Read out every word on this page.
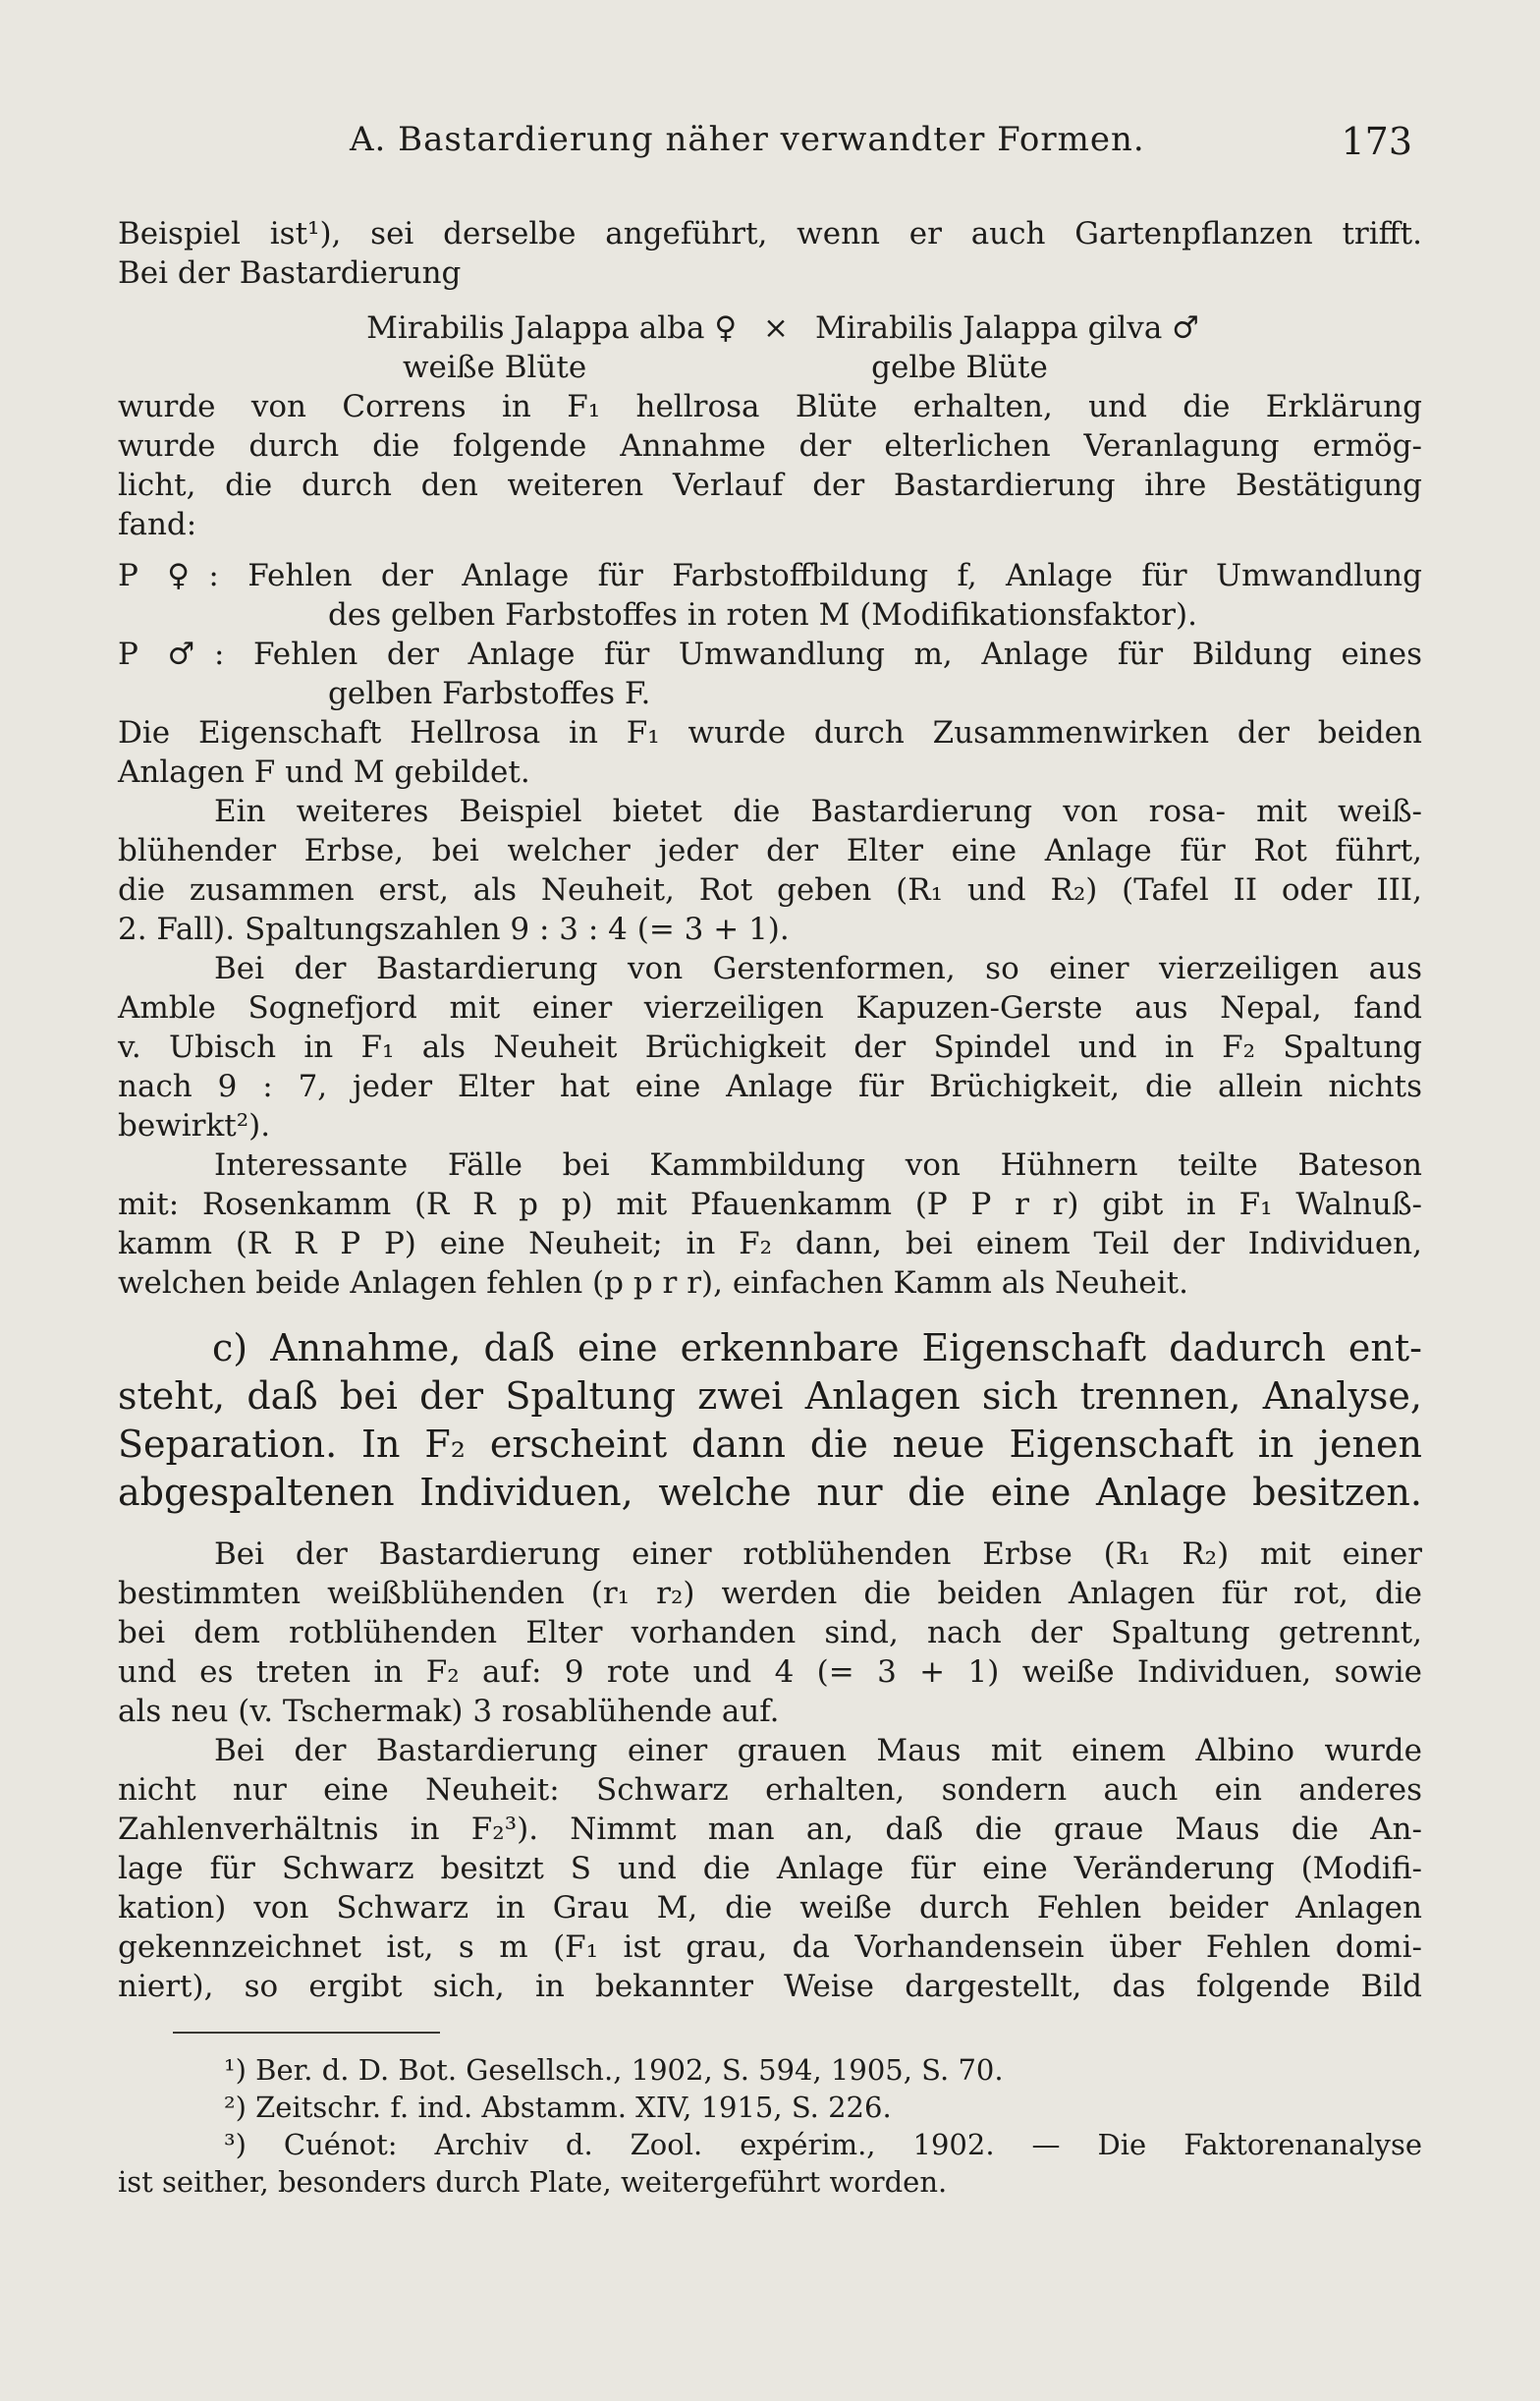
A. Bastardierung näher verwandter Formen.	173
Beispiel ist¹), sei derselbe angeführt, wenn er auch Gartenpflanzen trifft.
Bei der Bastardierung
Mirabilis Jalappa alba ♀ × Mirabilis Jalappa gilva ♂
weiße Blüte	gelbe Blüte
wurde von Correns in F₁ hellrosa Blüte erhalten, und die Erklärung
wurde durch die folgende Annahme der elterlichen Veranlagung ermög-
licht, die durch den weiteren Verlauf der Bastardierung ihre Bestätigung
fand:
P ♀: Fehlen der Anlage für Farbstoffbildung f, Anlage für Umwandlung
des gelben Farbstoffes in roten M (Modifikationsfaktor).
P ♂: Fehlen der Anlage für Umwandlung m, Anlage für Bildung eines
gelben Farbstoffes F.
Die Eigenschaft Hellrosa in F₁ wurde durch Zusammenwirken der beiden
Anlagen F und M gebildet.
Ein weiteres Beispiel bietet die Bastardierung von rosa- mit weiß-
blühender Erbse, bei welcher jeder der Elter eine Anlage für Rot führt,
die zusammen erst, als Neuheit, Rot geben (R₁ und R₂) (Tafel II oder III,
2. Fall). Spaltungszahlen 9 : 3 : 4 (= 3 + 1).
Bei der Bastardierung von Gerstenformen, so einer vierzeiligen aus
Amble Sognefjord mit einer vierzeiligen Kapuzen-Gerste aus Nepal, fand
v. Ubisch in F₁ als Neuheit Brüchigkeit der Spindel und in F₂ Spaltung
nach 9 : 7, jeder Elter hat eine Anlage für Brüchigkeit, die allein nichts
bewirkt²).
Interessante Fälle bei Kammbildung von Hühnern teilte Bateson
mit: Rosenkamm (R R p p) mit Pfauenkamm (P P r r) gibt in F₁ Walnuß-
kamm (R R P P) eine Neuheit; in F₂ dann, bei einem Teil der Individuen,
welchen beide Anlagen fehlen (p p r r), einfachen Kamm als Neuheit.
c) Annahme, daß eine erkennbare Eigenschaft dadurch ent-
steht, daß bei der Spaltung zwei Anlagen sich trennen, Analyse,
Separation. In F₂ erscheint dann die neue Eigenschaft in jenen
abgespaltenen Individuen, welche nur die eine Anlage besitzen.
Bei der Bastardierung einer rotblühenden Erbse (R₁ R₂) mit einer
bestimmten weißblühenden (r₁ r₂) werden die beiden Anlagen für rot, die
bei dem rotblühenden Elter vorhanden sind, nach der Spaltung getrennt,
und es treten in F₂ auf: 9 rote und 4 (= 3 + 1) weiße Individuen, sowie
als neu (v. Tschermak) 3 rosablühende auf.
Bei der Bastardierung einer grauen Maus mit einem Albino wurde
nicht nur eine Neuheit: Schwarz erhalten, sondern auch ein anderes
Zahlenverhältnis in F₂³). Nimmt man an, daß die graue Maus die An-
lage für Schwarz besitzt S und die Anlage für eine Veränderung (Modifi-
kation) von Schwarz in Grau M, die weiße durch Fehlen beider Anlagen
gekennzeichnet ist, s m (F₁ ist grau, da Vorhandensein über Fehlen domi-
niert), so ergibt sich, in bekannter Weise dargestellt, das folgende Bild
¹) Ber. d. D. Bot. Gesellsch., 1902, S. 594, 1905, S. 70.
²) Zeitschr. f. ind. Abstamm. XIV, 1915, S. 226.
³) Cuénot: Archiv d. Zool. expérim., 1902. — Die Faktorenanalyse
ist seither, besonders durch Plate, weitergeführt worden.
